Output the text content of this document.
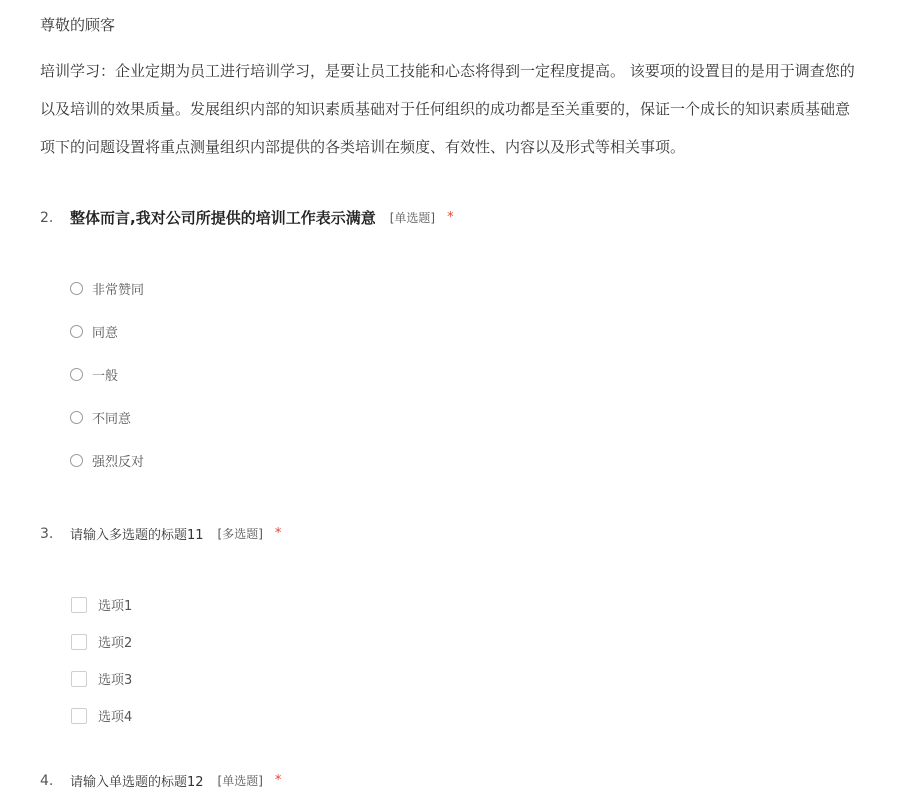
尊敬的顾客
培训学习：企业定期为员工进行培训学习，是要让员工技能和心态将得到一定程度提高。 该要项的设置目的是用于调查您的
以及培训的效果质量。发展组织内部的知识素质基础对于任何组织的成功都是至关重要的，保证一个成长的知识素质基础意
项下的问题设置将重点测量组织内部提供的各类培训在频度、有效性、内容以及形式等相关事项。
2.	整体而言,我对公司所提供的培训工作表示满意 [单选题] *
非常赞同
同意
一般
不同意
强烈反对
3.	请输入多选题的标题11 [多选题] *
选项1
选项2
选项3
选项4
4.	请输入单选题的标题12 [单选题] *
